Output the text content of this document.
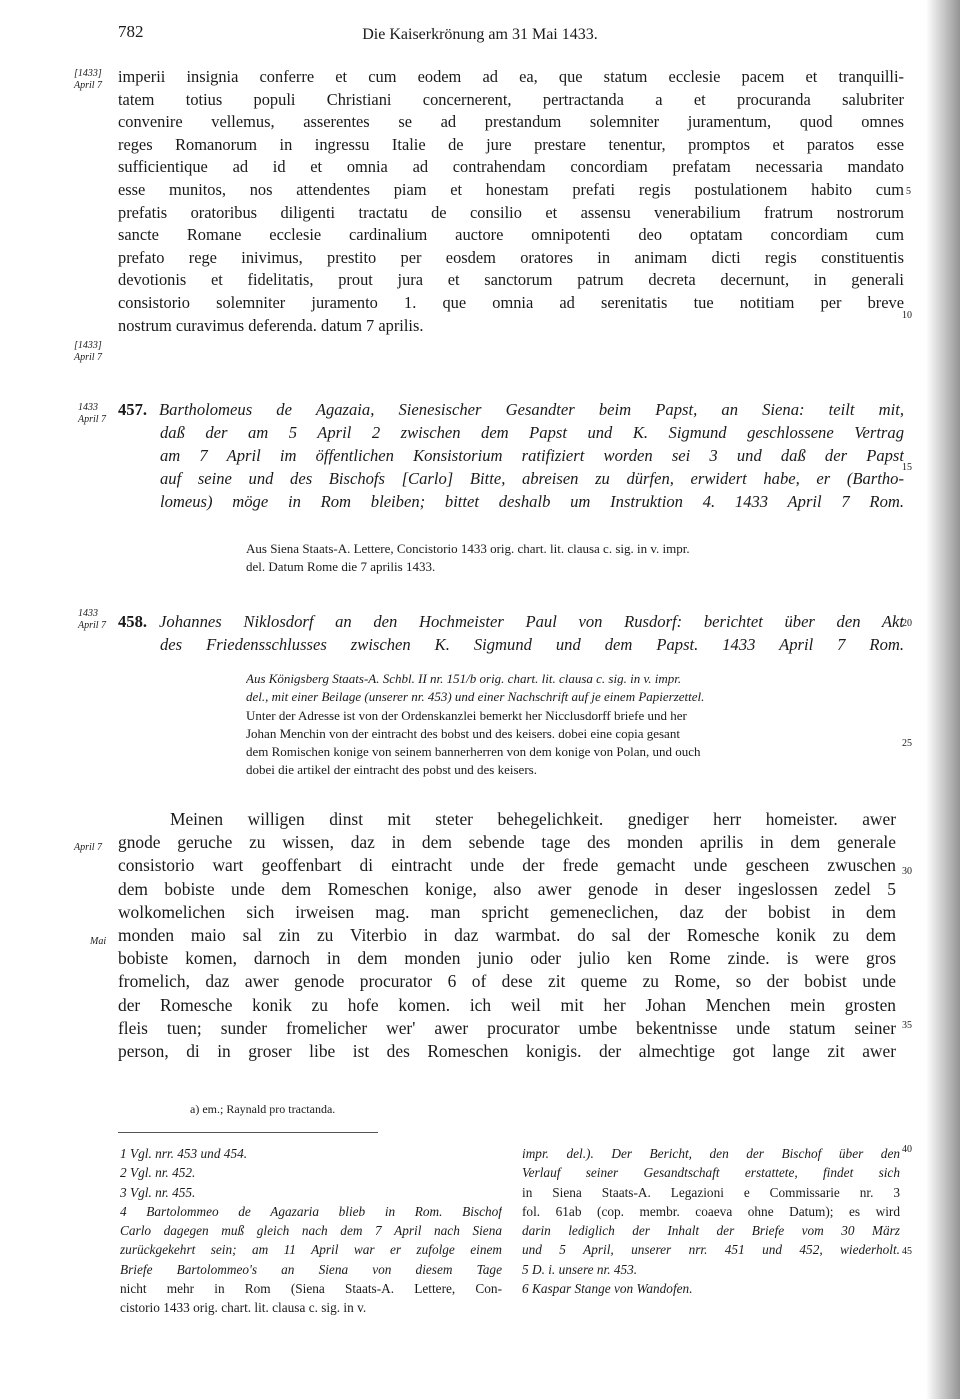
782	Die Kaiserkrönung am 31 Mai 1433.
[1433]
April 7
[1433]
April 7
1433
April 7
1433
April 7
April 7
Mai
5
10
15
20
25
30
35
40
45
imperii insignia conferre et cum eodem ad ea, que statum ecclesie pacem et tranquilli-
tatem totius populi Christiani concernerent, pertractanda a et procuranda salubriter
convenire vellemus, asserentes se ad prestandum solemniter juramentum, quod omnes
reges Romanorum in ingressu Italie de jure prestare tenentur, promptos et paratos esse
sufficientique ad id et omnia ad contrahendam concordiam prefatam necessaria mandato
esse munitos, nos attendentes piam et honestam prefati regis postulationem habito cum
prefatis oratoribus diligenti tractatu de consilio et assensu venerabilium fratrum nostrorum
sancte Romane ecclesie cardinalium auctore omnipotenti deo optatam concordiam cum
prefato rege inivimus, prestito per eosdem oratores in animam dicti regis constituentis
devotionis et fidelitatis, prout jura et sanctorum patrum decreta decernunt, in generali
consistorio solemniter juramento 1. que omnia ad serenitatis tue notitiam per breve
nostrum curavimus deferenda. datum 7 aprilis.
457. Bartholomeus de Agazaia, Sienesischer Gesandter beim Papst, an Siena: teilt mit,
daß der am 5 April 2 zwischen dem Papst und K. Sigmund geschlossene Vertrag
am 7 April im öffentlichen Konsistorium ratifiziert worden sei 3 und daß der Papst
auf seine und des Bischofs [Carlo] Bitte, abreisen zu dürfen, erwidert habe, er (Bartho-
lomeus) möge in Rom bleiben; bittet deshalb um Instruktion 4. 1433 April 7 Rom.
Aus Siena Staats-A. Lettere, Concistorio 1433 orig. chart. lit. clausa c. sig. in v. impr.
del. Datum Rome die 7 aprilis 1433.
458. Johannes Niklosdorf an den Hochmeister Paul von Rusdorf: berichtet über den Akt
des Friedensschlusses zwischen K. Sigmund und dem Papst. 1433 April 7 Rom.
Aus Königsberg Staats-A. Schbl. II nr. 151/b orig. chart. lit. clausa c. sig. in v. impr.
del., mit einer Beilage (unserer nr. 453) und einer Nachschrift auf je einem Papierzettel.
Unter der Adresse ist von der Ordenskanzlei bemerkt her Nicclusdorff briefe und her
Johan Menchin von der eintracht des bobst und des keisers. dobei eine copia gesant
dem Romischen konige von seinem bannerherren von dem konige von Polan, und ouch
dobei die artikel der eintracht des pobst und des keisers.
Meinen willigen dinst mit steter behegelichkeit. gnediger herr homeister. awer
gnode geruche zu wissen, daz in dem sebende tage des monden aprilis in dem generale
consistorio wart geoffenbart di eintracht unde der frede gemacht unde gescheen zwuschen
dem bobiste unde dem Romeschen konige, also awer genode in deser ingeslossen zedel 5
wolkomelichen sich irweisen mag. man spricht gemeneclichen, daz der bobist in dem
monden maio sal zin zu Viterbio in daz warmbat. do sal der Romesche konik zu dem
bobiste komen, darnoch in dem monden junio oder julio ken Rome zinde. is were gros
fromelich, daz awer genode procurator 6 of dese zit queme zu Rome, so der bobist unde
der Romesche konik zu hofe komen. ich weil mit her Johan Menchen mein grosten
fleis tuen; sunder fromelicher wer' awer procurator umbe bekentnisse unde statum seiner
person, di in groser libe ist des Romeschen konigis. der almechtige got lange zit awer
a) em.; Raynald pro tractanda.
1 Vgl. nrr. 453 und 454.
2 Vgl. nr. 452.
3 Vgl. nr. 455.
4 Bartolommeo de Agazaria blieb in Rom. Bischof
Carlo dagegen muß gleich nach dem 7 April nach Siena
zurückgekehrt sein; am 11 April war er zufolge einem
Briefe Bartolommeo's an Siena von diesem Tage
nicht mehr in Rom (Siena Staats-A. Lettere, Con-
cistorio 1433 orig. chart. lit. clausa c. sig. in v.
impr. del.). Der Bericht, den der Bischof über den
Verlauf seiner Gesandtschaft erstattete, findet sich
in Siena Staats-A. Legazioni e Commissarie nr. 3
fol. 61ab (cop. membr. coaeva ohne Datum); es wird
darin lediglich der Inhalt der Briefe vom 30 März
und 5 April, unserer nrr. 451 und 452, wiederholt.
5 D. i. unsere nr. 453.
6 Kaspar Stange von Wandofen.
